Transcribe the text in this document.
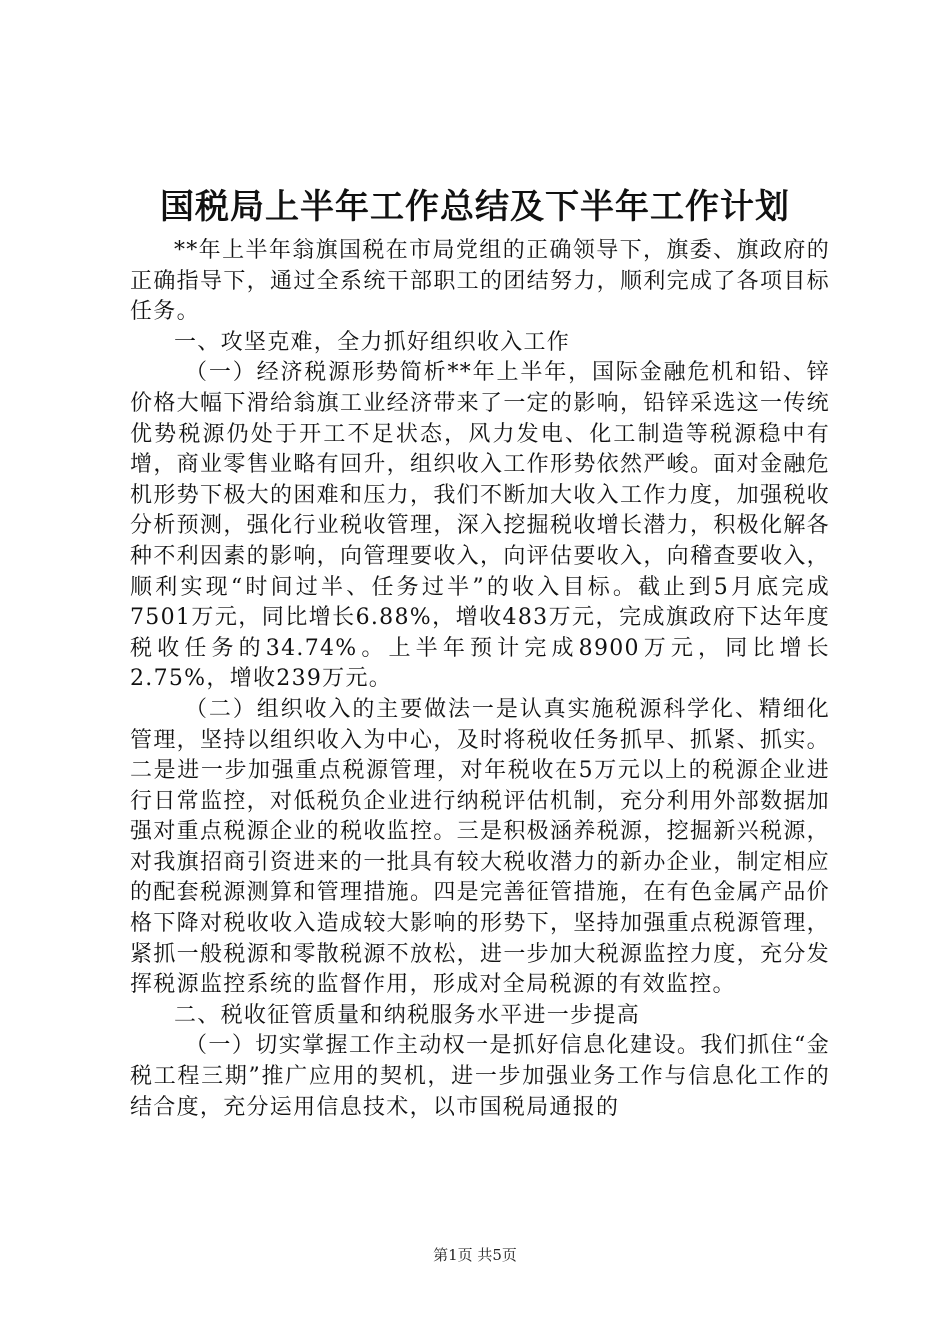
国税局上半年工作总结及下半年工作计划

**年上半年翁旗国税在市局党组的正确领导下，旗委、旗政府的正确指导下，通过全系统干部职工的团结努力，顺利完成了各项目标任务。

一、攻坚克难，全力抓好组织收入工作

（一）经济税源形势简析**年上半年，国际金融危机和铅、锌价格大幅下滑给翁旗工业经济带来了一定的影响，铅锌采选这一传统优势税源仍处于开工不足状态，风力发电、化工制造等税源稳中有增，商业零售业略有回升，组织收入工作形势依然严峻。面对金融危机形势下极大的困难和压力，我们不断加大收入工作力度，加强税收分析预测，强化行业税收管理，深入挖掘税收增长潜力，积极化解各种不利因素的影响，向管理要收入，向评估要收入，向稽查要收入，顺利实现“时间过半、任务过半”的收入目标。截止到5月底完成7501万元，同比增长6.88%，增收483万元，完成旗政府下达年度税收任务的34.74%。上半年预计完成8900万元，同比增长2.75%，增收239万元。

（二）组织收入的主要做法一是认真实施税源科学化、精细化管理，坚持以组织收入为中心，及时将税收任务抓早、抓紧、抓实。二是进一步加强重点税源管理，对年税收在5万元以上的税源企业进行日常监控，对低税负企业进行纳税评估机制，充分利用外部数据加强对重点税源企业的税收监控。三是积极涵养税源，挖掘新兴税源，对我旗招商引资进来的一批具有较大税收潜力的新办企业，制定相应的配套税源测算和管理措施。四是完善征管措施，在有色金属产品价格下降对税收收入造成较大影响的形势下，坚持加强重点税源管理，紧抓一般税源和零散税源不放松，进一步加大税源监控力度，充分发挥税源监控系统的监督作用，形成对全局税源的有效监控。

二、税收征管质量和纳税服务水平进一步提高

（一）切实掌握工作主动权一是抓好信息化建设。我们抓住“金税工程三期”推广应用的契机，进一步加强业务工作与信息化工作的结合度，充分运用信息技术，以市国税局通报的

第1页 共5页
